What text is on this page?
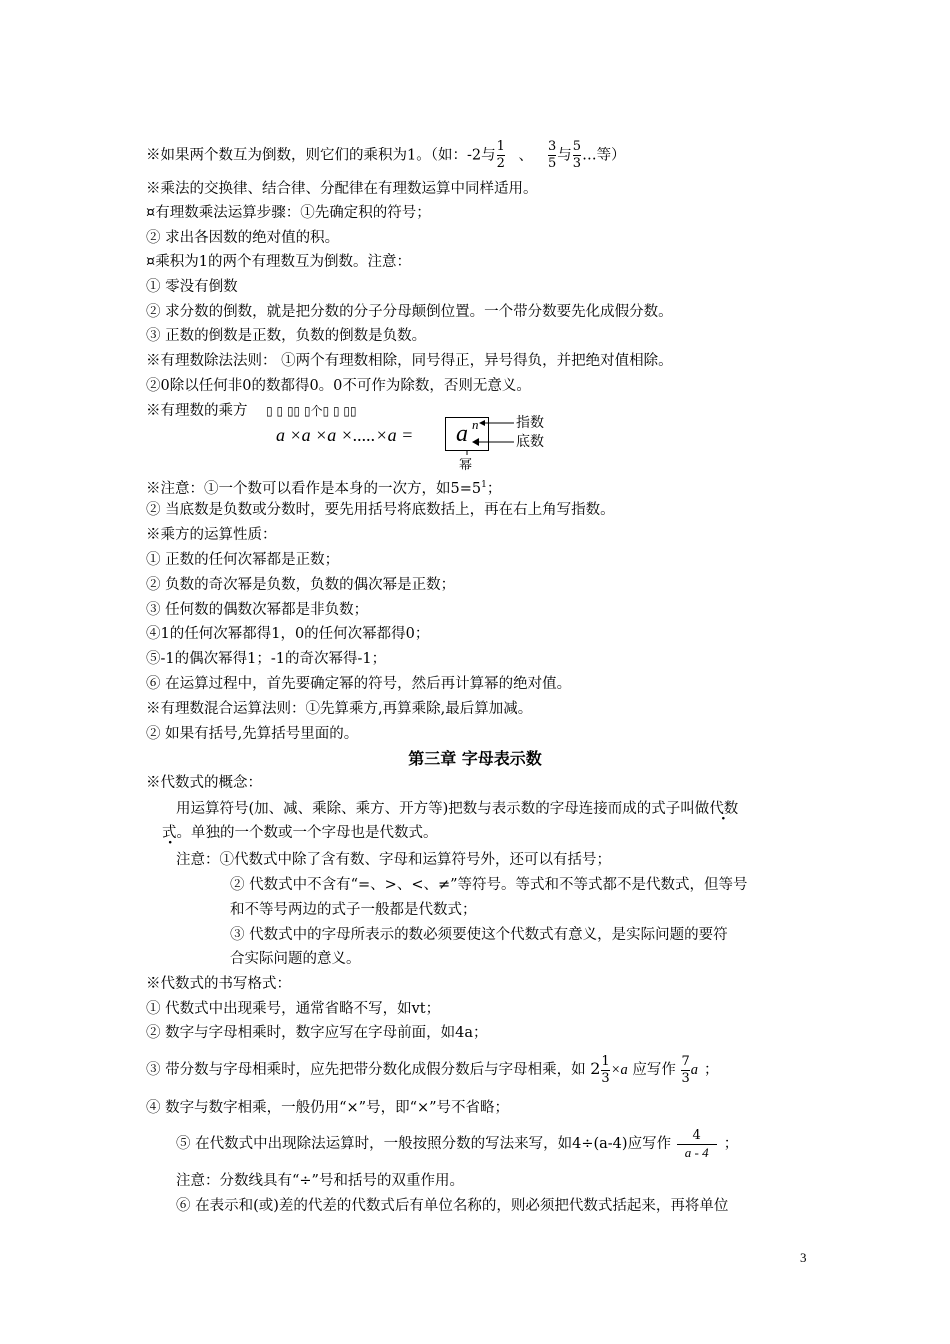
※如果两个数互为倒数，则它们的乘积为1。（如：-2与 $\frac{1}{2}$ 、 $\frac{3}{5}$ 与 $\frac{5}{3}$ …等）
※乘法的交换律、结合律、分配律在有理数运算中同样适用。
¤有理数乘法运算步骤：①先确定积的符号；
② 求出各因数的绝对值的积。
¤乘积为1的两个有理数互为倒数。注意：
① 零没有倒数
② 求分数的倒数，就是把分数的分子分母颠倒位置。一个带分数要先化成假分数。
③ 正数的倒数是正数，负数的倒数是负数。
※有理数除法法则： ①两个有理数相除，同号得正，异号得负，并把绝对值相除。
②0除以任何非0的数都得0。0不可作为除数，否则无意义。
※有理数的乘方 ▯ ▯ ▯▯ ▯个▯ ▯ ▯▯
a ×a ×a ×.....×a = a n	指数
底数
幂
※注意：①一个数可以看作是本身的一次方，如$5=5^1$；
② 当底数是负数或分数时，要先用括号将底数括上，再在右上角写指数。
※乘方的运算性质：
① 正数的任何次幂都是正数；
② 负数的奇次幂是负数，负数的偶次幂是正数；
③ 任何数的偶数次幂都是非负数；
④1的任何次幂都得1，0的任何次幂都得0；
⑤-1的偶次幂得1；-1的奇次幂得-1；
⑥ 在运算过程中，首先要确定幂的符号，然后再计算幂的绝对值。
※有理数混合运算法则：①先算乘方,再算乘除,最后算加减。
② 如果有括号,先算括号里面的。
第三章 字母表示数
※代数式的概念：
用运算符号(加、减、乘除、乘方、开方等)把数与表示数的字母连接而成的式子叫做代数
式。单独的一个数或一个字母也是代数式。
注意：①代数式中除了含有数、字母和运算符号外，还可以有括号；
② 代数式中不含有“=、>、<、≠”等符号。等式和不等式都不是代数式，但等号
和不等号两边的式子一般都是代数式；
③ 代数式中的字母所表示的数必须要使这个代数式有意义，是实际问题的要符
合实际问题的意义。
※代数式的书写格式：
① 代数式中出现乘号，通常省略不写，如vt；
② 数字与字母相乘时，数字应写在字母前面，如4a；
③ 带分数与字母相乘时，应先把带分数化成假分数后与字母相乘，如 $2 \frac{1}{3} \times a$ 应写作 $\frac{7}{3}$ a ；
④ 数字与数字相乘，一般仍用“×”号，即“×”号不省略；
⑤ 在代数式中出现除法运算时，一般按照分数的写法来写，如4÷(a-4)应写作 $\frac{4}{a - 4}$ ；
注意：分数线具有“÷”号和括号的双重作用。
⑥ 在表示和(或)差的代差的代数式后有单位名称的，则必须把代数式括起来，再将单位
3
